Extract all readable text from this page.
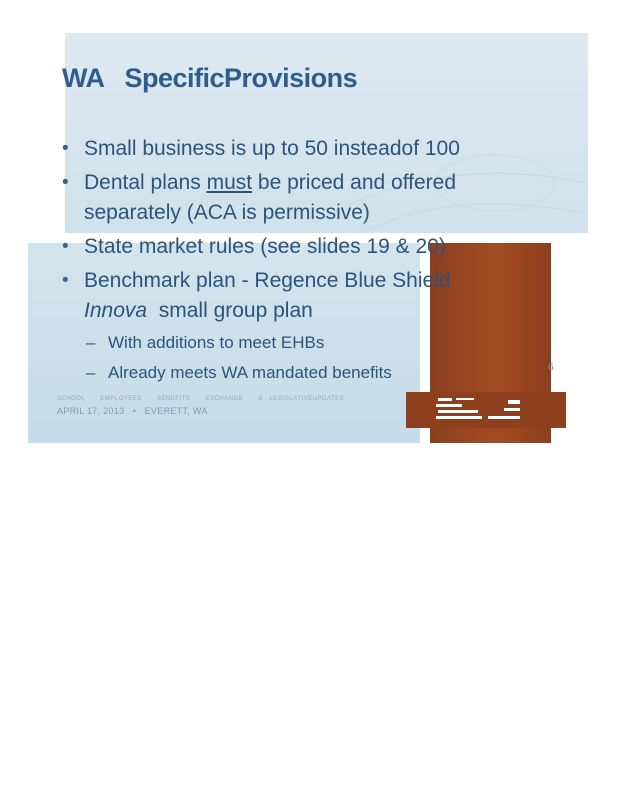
WA   SpecificProvisions

• Small business is up to 50 insteadof 100

• Dental plans must be priced and offered
separately (ACA is permissive)

• State market rules (see slides 19 & 20)

• Benchmark plan - Regence Blue Shield
Innova  small group plan

– With additions to meet EHBs
– Already meets WA mandated benefits	6
SCHOOL       EMPLOYEES       BENEFITS       EXCHANGE       &   LEGISLATIVEUPDATES
APRIL 17, 2013   •   EVERETT, WA
